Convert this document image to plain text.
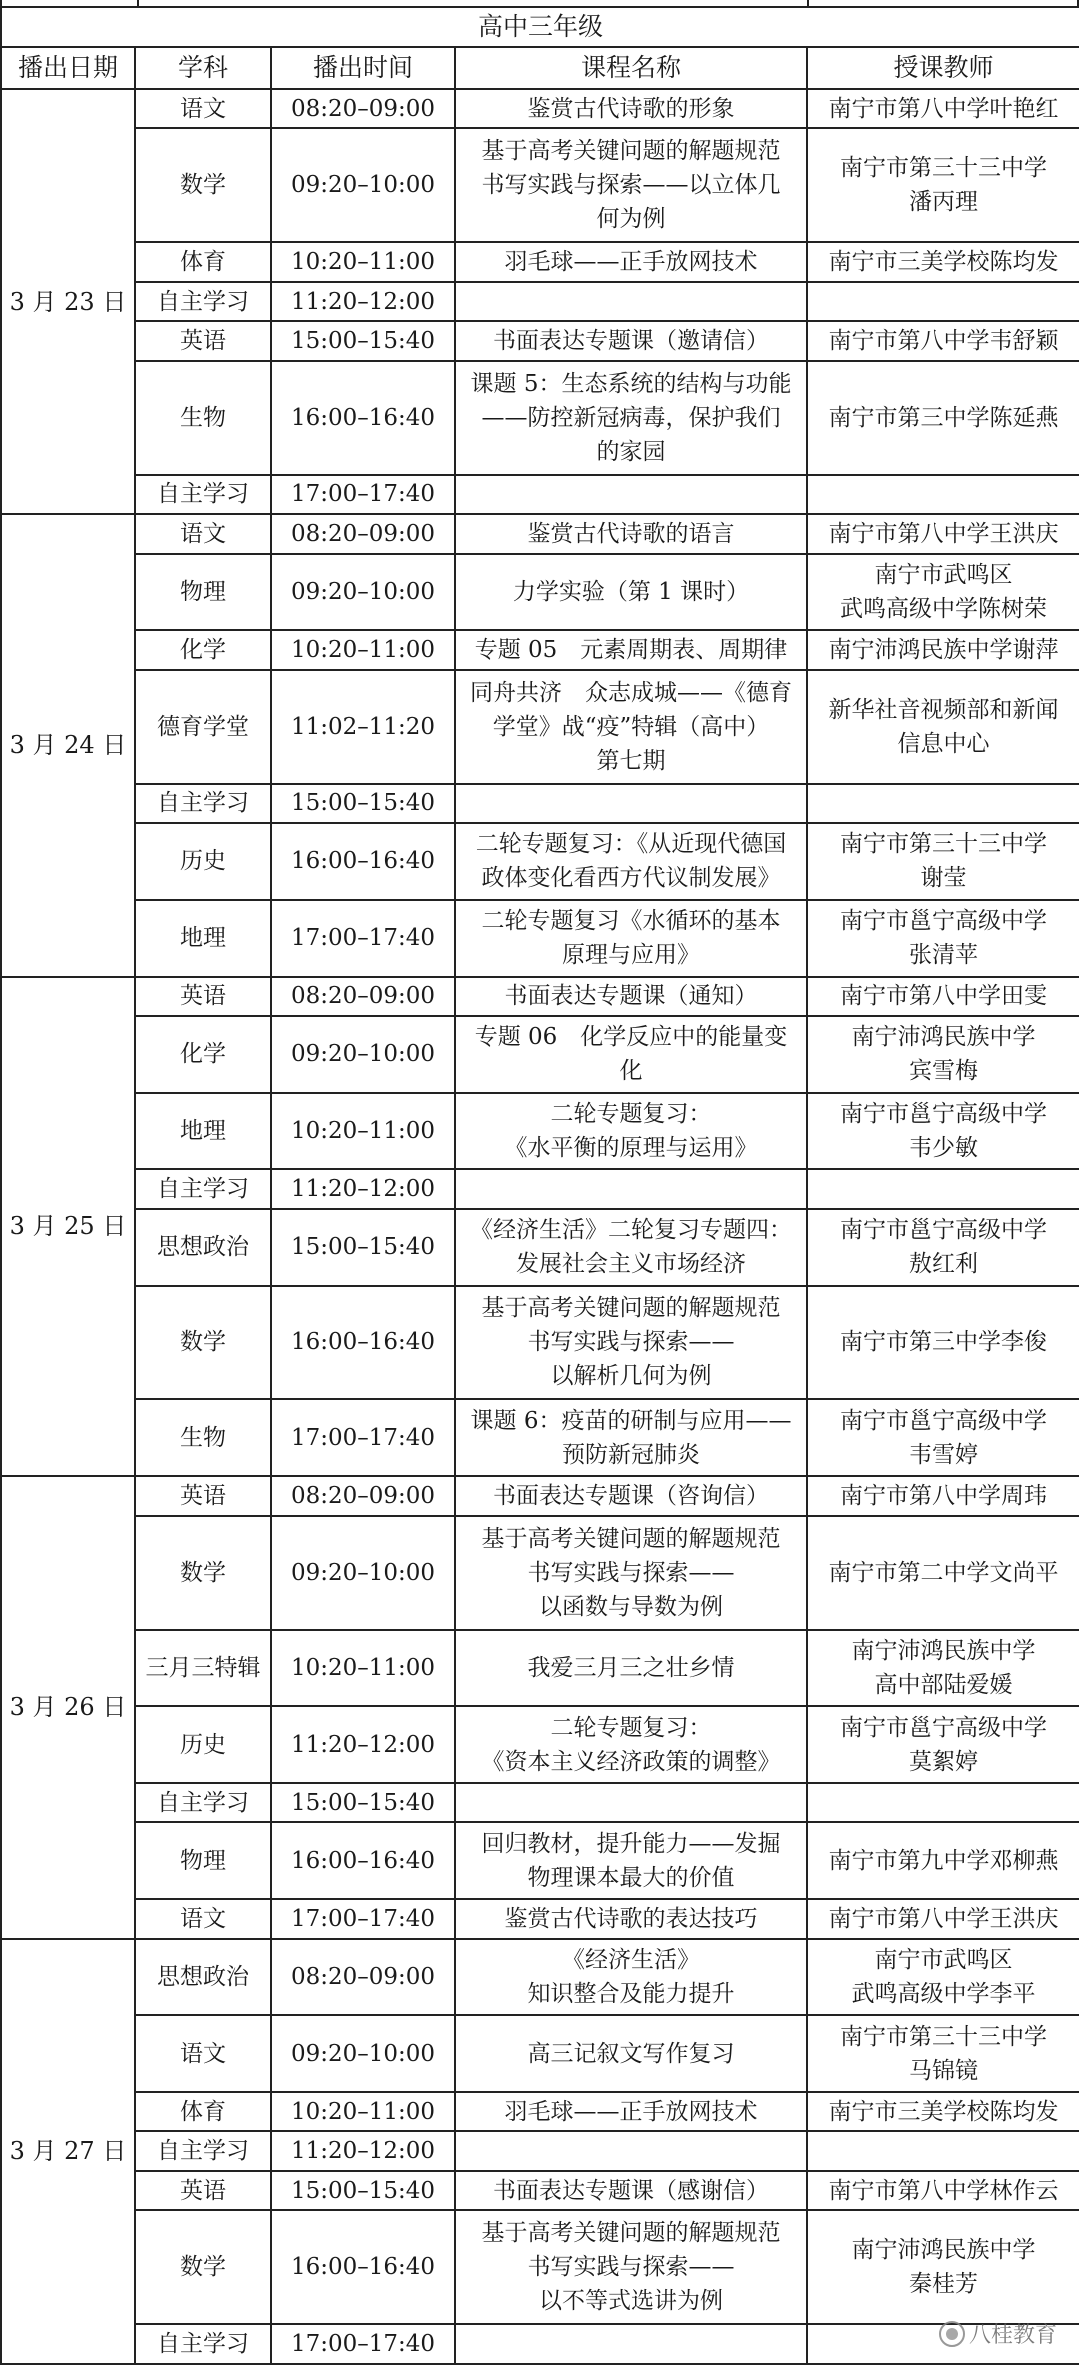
高中三年级				
播出日期	学科	播出时间	课程名称	授课教师
3 月 23 日	语文	08:20–09:00	鉴赏古代诗歌的形象	南宁市第八中学叶艳红
	数学	09:20–10:00	基于高考关键问题的解题规范
书写实践与探索——以立体几
何为例	南宁市第三十三中学
潘丙理
	体育	10:20–11:00	羽毛球——正手放网技术	南宁市三美学校陈均发
	自主学习	11:20–12:00		
	英语	15:00–15:40	书面表达专题课（邀请信）	南宁市第八中学韦舒颖
	生物	16:00–16:40	课题 5：生态系统的结构与功能
——防控新冠病毒，保护我们
的家园	南宁市第三中学陈延燕
	自主学习	17:00–17:40		
3 月 24 日	语文	08:20–09:00	鉴赏古代诗歌的语言	南宁市第八中学王洪庆
	物理	09:20–10:00	力学实验（第 1 课时）	南宁市武鸣区
武鸣高级中学陈树荣
	化学	10:20–11:00	专题 05　元素周期表、周期律	南宁沛鸿民族中学谢萍
	德育学堂	11:02–11:20	同舟共济　众志成城——《德育
学堂》战“疫”特辑（高中）
第七期	新华社音视频部和新闻
信息中心
	自主学习	15:00–15:40		
	历史	16:00–16:40	二轮专题复习：《从近现代德国
政体变化看西方代议制发展》	南宁市第三十三中学
谢莹
	地理	17:00–17:40	二轮专题复习《水循环的基本
原理与应用》	南宁市邕宁高级中学
张清苹
3 月 25 日	英语	08:20–09:00	书面表达专题课（通知）	南宁市第八中学田雯
	化学	09:20–10:00	专题 06　化学反应中的能量变
化	南宁沛鸿民族中学
宾雪梅
	地理	10:20–11:00	二轮专题复习：
《水平衡的原理与运用》	南宁市邕宁高级中学
韦少敏
	自主学习	11:20–12:00		
	思想政治	15:00–15:40	《经济生活》二轮复习专题四：
发展社会主义市场经济	南宁市邕宁高级中学
敖红利
	数学	16:00–16:40	基于高考关键问题的解题规范
书写实践与探索——
以解析几何为例	南宁市第三中学李俊
	生物	17:00–17:40	课题 6：疫苗的研制与应用——
预防新冠肺炎	南宁市邕宁高级中学
韦雪婷
3 月 26 日	英语	08:20–09:00	书面表达专题课（咨询信）	南宁市第八中学周玮
	数学	09:20–10:00	基于高考关键问题的解题规范
书写实践与探索——
以函数与导数为例	南宁市第二中学文尚平
	三月三特辑	10:20–11:00	我爱三月三之壮乡情	南宁沛鸿民族中学
高中部陆爱媛
	历史	11:20–12:00	二轮专题复习：
《资本主义经济政策的调整》	南宁市邕宁高级中学
莫絮婷
	自主学习	15:00–15:40		
	物理	16:00–16:40	回归教材，提升能力——发掘
物理课本最大的价值	南宁市第九中学邓柳燕
	语文	17:00–17:40	鉴赏古代诗歌的表达技巧	南宁市第八中学王洪庆
3 月 27 日	思想政治	08:20–09:00	《经济生活》
知识整合及能力提升	南宁市武鸣区
武鸣高级中学李平
	语文	09:20–10:00	高三记叙文写作复习	南宁市第三十三中学
马锦镜
	体育	10:20–11:00	羽毛球——正手放网技术	南宁市三美学校陈均发
	自主学习	11:20–12:00		
	英语	15:00–15:40	书面表达专题课（感谢信）	南宁市第八中学林作云
	数学	16:00–16:40	基于高考关键问题的解题规范
书写实践与探索——
以不等式选讲为例	南宁沛鸿民族中学
秦桂芳
	自主学习	17:00–17:40			八桂教育
